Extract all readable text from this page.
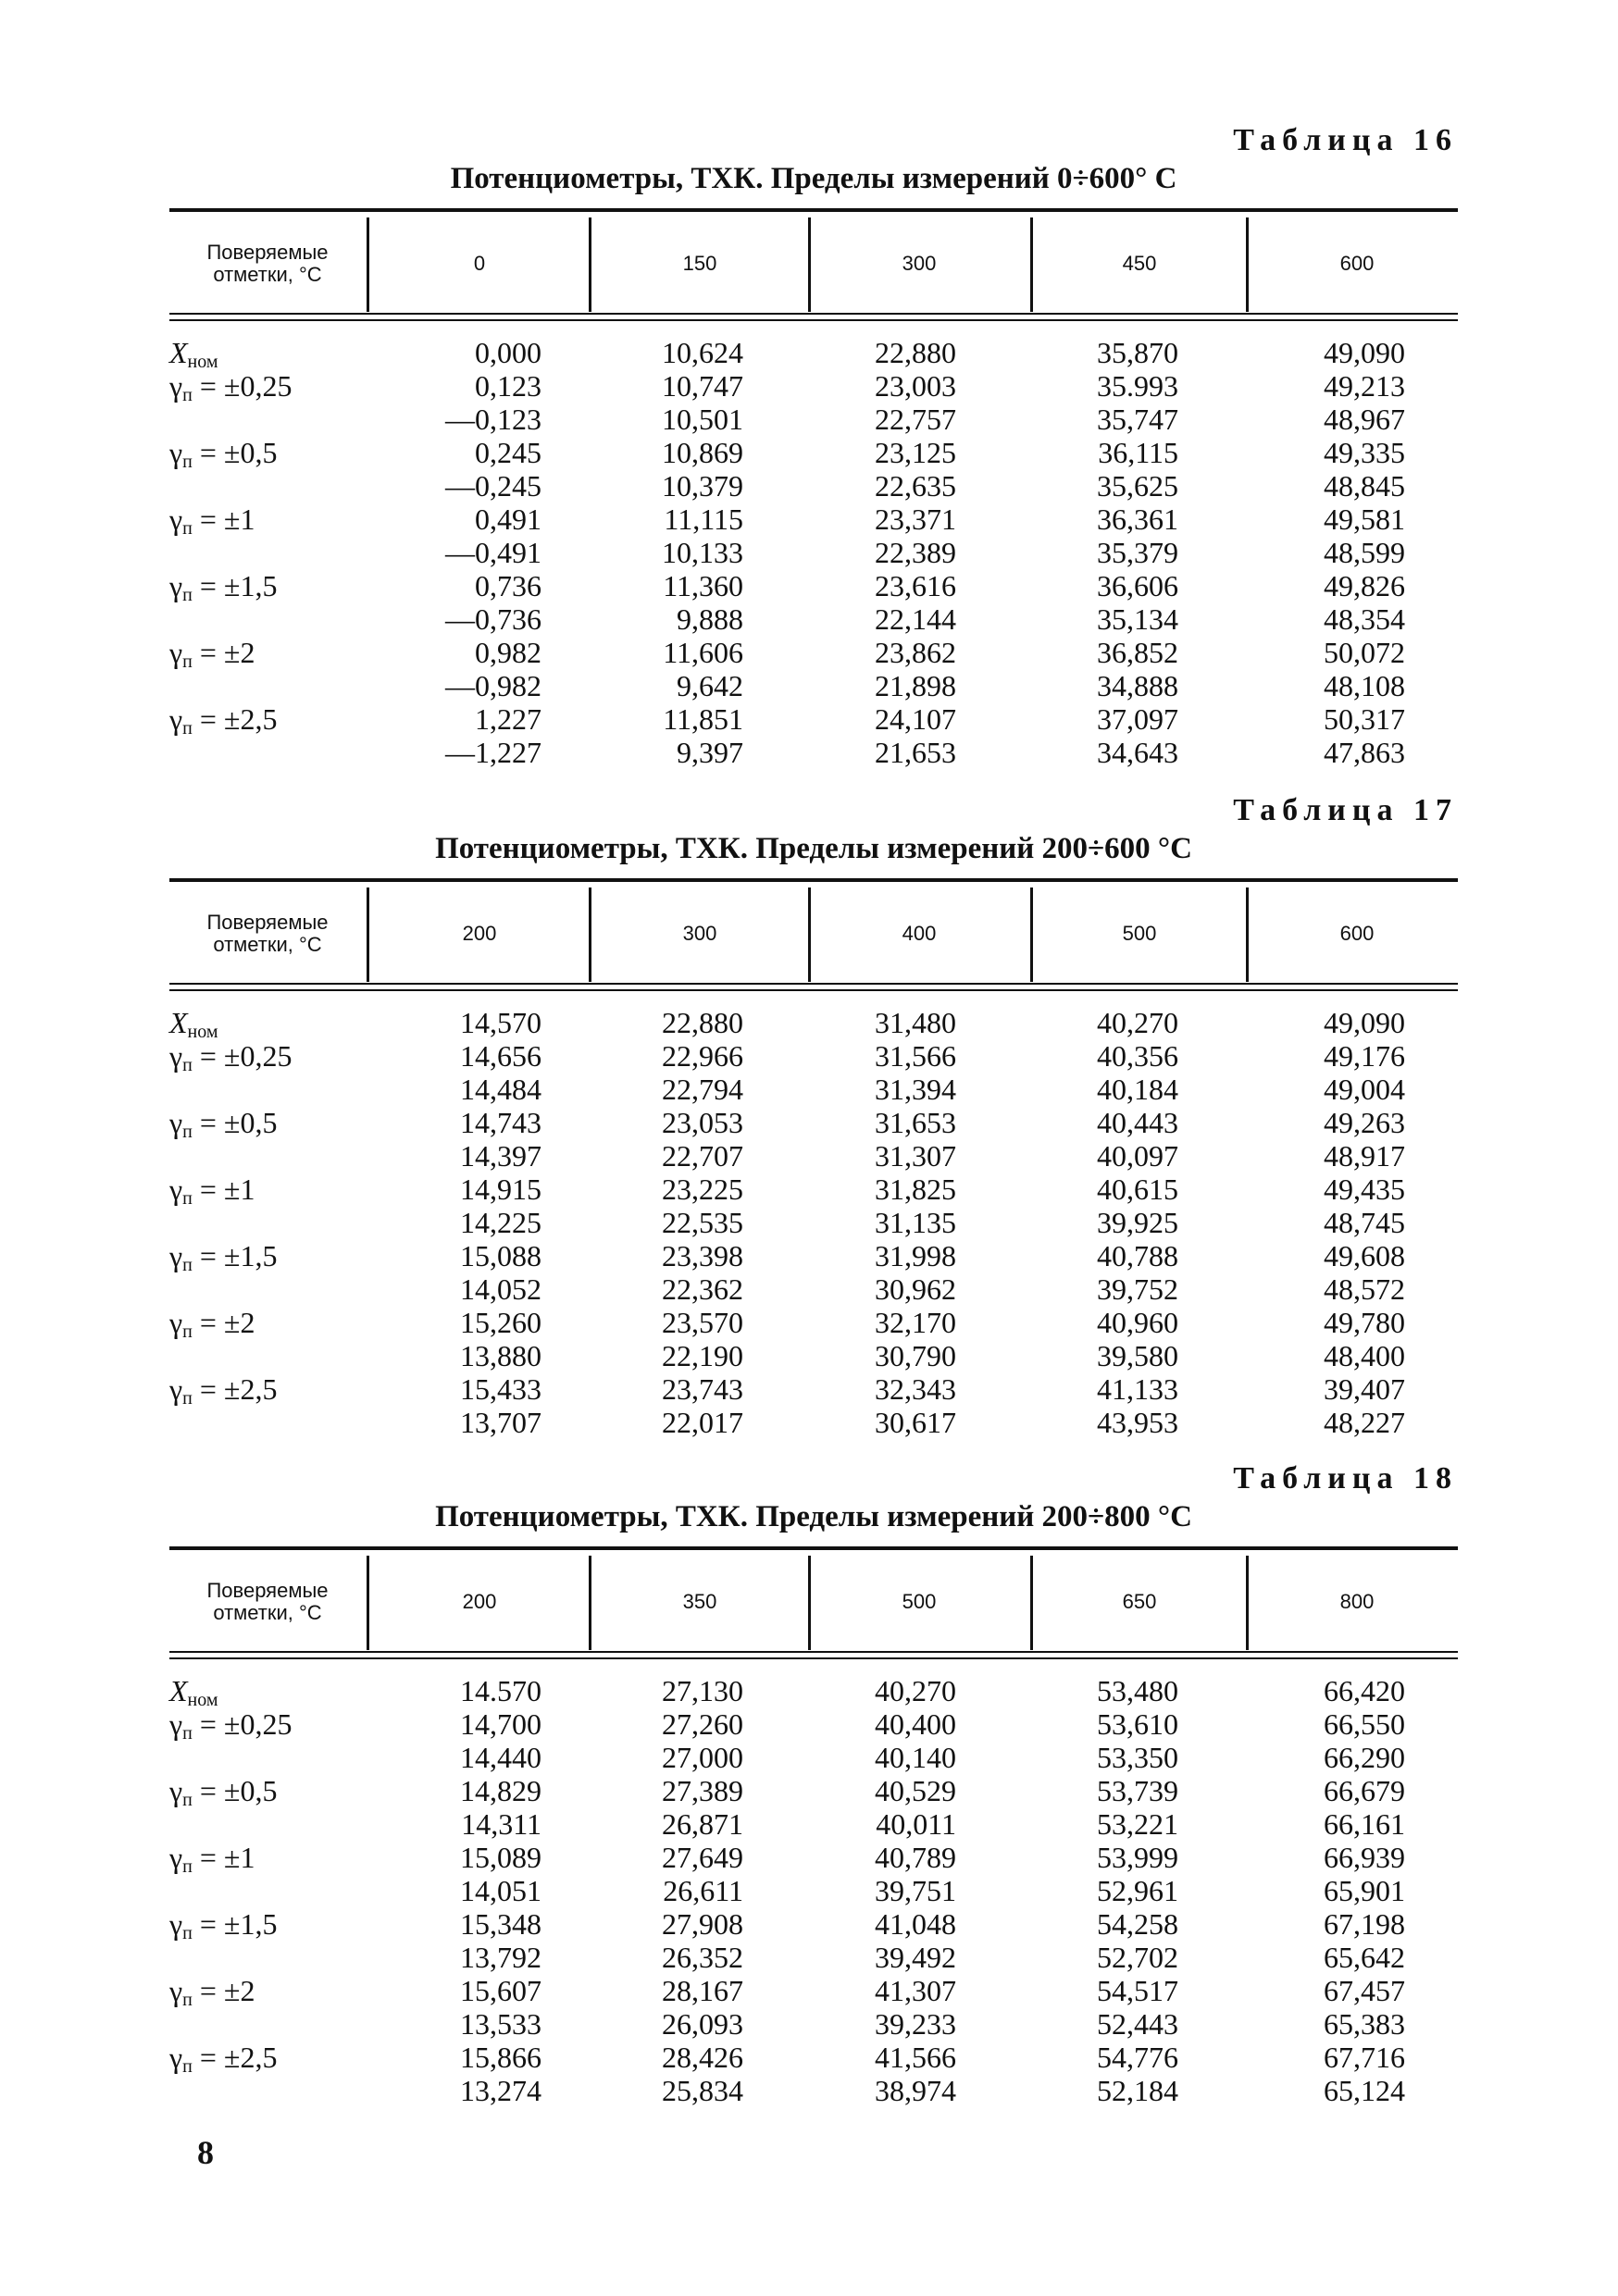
Таблица 16
Потенциометры, ТХК. Пределы измерений 0÷600° С
Поверяемые
отметки, °С	0	150	300	450	600
$X_{ном}$	0,000	10,624	22,880	35,870	49,090
$\gamma_п = \pm 0,25$	0,123	10,747	23,003	35.993	49,213
—0,123	10,501	22,757	35,747	48,967
$\gamma_п = \pm 0,5$	0,245	10,869	23,125	36,115	49,335
—0,245	10,379	22,635	35,625	48,845
$\gamma_п = \pm 1$	0,491	11,115	23,371	36,361	49,581
—0,491	10,133	22,389	35,379	48,599
$\gamma_п = \pm 1,5$	0,736	11,360	23,616	36,606	49,826
—0,736	9,888	22,144	35,134	48,354
$\gamma_п = \pm 2$	0,982	11,606	23,862	36,852	50,072
—0,982	9,642	21,898	34,888	48,108
$\gamma_п = \pm 2,5$	1,227	11,851	24,107	37,097	50,317
—1,227	9,397	21,653	34,643	47,863
Таблица 17
Потенциометры, ТХК. Пределы измерений 200÷600 °С
Поверяемые
отметки, °С	200	300	400	500	600
$X_{ном}$	14,570	22,880	31,480	40,270	49,090
$\gamma_п = \pm 0,25$	14,656	22,966	31,566	40,356	49,176
14,484	22,794	31,394	40,184	49,004
$\gamma_п = \pm 0,5$	14,743	23,053	31,653	40,443	49,263
14,397	22,707	31,307	40,097	48,917
$\gamma_п = \pm 1$	14,915	23,225	31,825	40,615	49,435
14,225	22,535	31,135	39,925	48,745
$\gamma_п = \pm 1,5$	15,088	23,398	31,998	40,788	49,608
14,052	22,362	30,962	39,752	48,572
$\gamma_п = \pm 2$	15,260	23,570	32,170	40,960	49,780
13,880	22,190	30,790	39,580	48,400
$\gamma_п = \pm 2,5$	15,433	23,743	32,343	41,133	39,407
13,707	22,017	30,617	43,953	48,227
Таблица 18
Потенциометры, ТХК. Пределы измерений 200÷800 °С
Поверяемые
отметки, °С	200	350	500	650	800
$X_{ном}$	14.570	27,130	40,270	53,480	66,420
$\gamma_п = \pm 0,25$	14,700	27,260	40,400	53,610	66,550
14,440	27,000	40,140	53,350	66,290
$\gamma_п = \pm 0,5$	14,829	27,389	40,529	53,739	66,679
14,311	26,871	40,011	53,221	66,161
$\gamma_п = \pm 1$	15,089	27,649	40,789	53,999	66,939
14,051	26,611	39,751	52,961	65,901
$\gamma_п = \pm 1,5$	15,348	27,908	41,048	54,258	67,198
13,792	26,352	39,492	52,702	65,642
$\gamma_п = \pm 2$	15,607	28,167	41,307	54,517	67,457
13,533	26,093	39,233	52,443	65,383
$\gamma_п = \pm 2,5$	15,866	28,426	41,566	54,776	67,716
13,274	25,834	38,974	52,184	65,124
8
